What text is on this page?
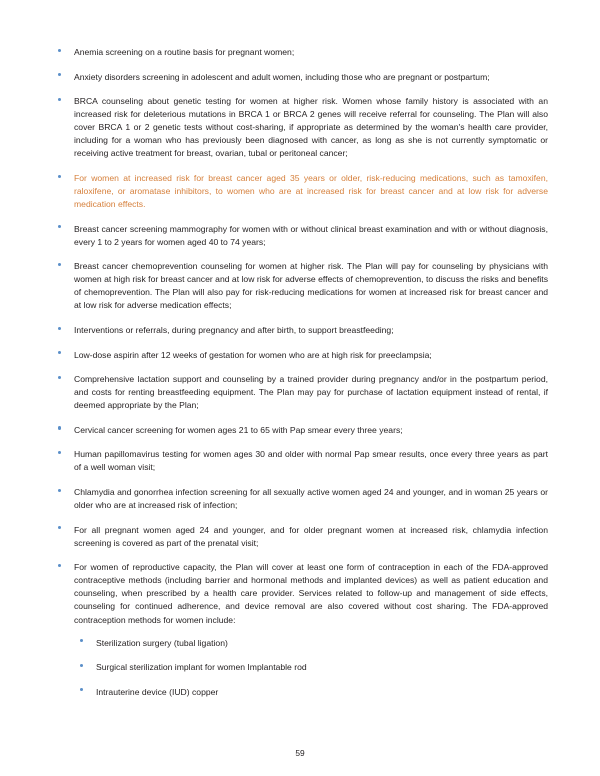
Anemia screening on a routine basis for pregnant women;
Anxiety disorders screening in adolescent and adult women, including those who are pregnant or postpartum;
BRCA counseling about genetic testing for women at higher risk. Women whose family history is associated with an increased risk for deleterious mutations in BRCA 1 or BRCA 2 genes will receive referral for counseling. The Plan will also cover BRCA 1 or 2 genetic tests without cost-sharing, if appropriate as determined by the woman's health care provider, including for a woman who has previously been diagnosed with cancer, as long as she is not currently symptomatic or receiving active treatment for breast, ovarian, tubal or peritoneal cancer;
For women at increased risk for breast cancer aged 35 years or older, risk-reducing medications, such as tamoxifen, raloxifene, or aromatase inhibitors, to women who are at increased risk for breast cancer and at low risk for adverse medication effects.
Breast cancer screening mammography for women with or without clinical breast examination and with or without diagnosis, every 1 to 2 years for women aged 40 to 74 years;
Breast cancer chemoprevention counseling for women at higher risk. The Plan will pay for counseling by physicians with women at high risk for breast cancer and at low risk for adverse effects of chemoprevention, to discuss the risks and benefits of chemoprevention. The Plan will also pay for risk-reducing medications for women at increased risk for breast cancer and at low risk for adverse medication effects;
Interventions or referrals, during pregnancy and after birth, to support breastfeeding;
Low-dose aspirin after 12 weeks of gestation for women who are at high risk for preeclampsia;
Comprehensive lactation support and counseling by a trained provider during pregnancy and/or in the postpartum period, and costs for renting breastfeeding equipment. The Plan may pay for purchase of lactation equipment instead of rental, if deemed appropriate by the Plan;
Cervical cancer screening for women ages 21 to 65 with Pap smear every three years;
Human papillomavirus testing for women ages 30 and older with normal Pap smear results, once every three years as part of a well woman visit;
Chlamydia and gonorrhea infection screening for all sexually active women aged 24 and younger, and in woman 25 years or older who are at increased risk of infection;
For all pregnant women aged 24 and younger, and for older pregnant women at increased risk, chlamydia infection screening is covered as part of the prenatal visit;
For women of reproductive capacity, the Plan will cover at least one form of contraception in each of the FDA-approved contraceptive methods (including barrier and hormonal methods and implanted devices) as well as patient education and counseling, when prescribed by a health care provider. Services related to follow-up and management of side effects, counseling for continued adherence, and device removal are also covered without cost sharing. The FDA-approved contraception methods for women include:
Sterilization surgery (tubal ligation)
Surgical sterilization implant for women Implantable rod
Intrauterine device (IUD) copper
59
